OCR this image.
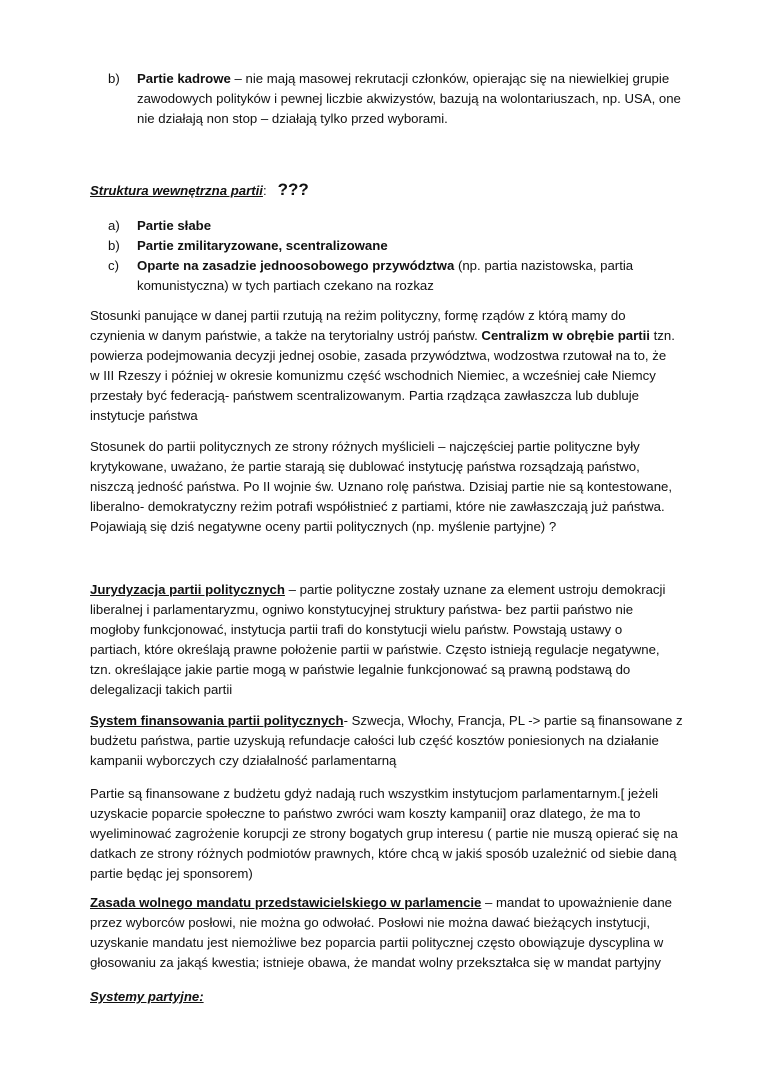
b) Partie kadrowe – nie mają masowej rekrutacji członków, opierając się na niewielkiej grupie
zawodowych polityków i pewnej liczbie akwizystów, bazują na wolontariuszach, np. USA, one
nie działają non stop – działają tylko przed wyborami.
Struktura wewnętrzna partii: ???
a) Partie słabe
b) Partie zmilitaryzowane, scentralizowane
c) Oparte na zasadzie jednoosobowego przywództwa (np. partia nazistowska, partia
komunistyczna) w tych partiach czekano na rozkaz
Stosunki panujące w danej partii rzutują na reżim polityczny, formę rządów z którą mamy do
czynienia w danym państwie, a także na terytorialny ustrój państw. Centralizm w obrębie partii tzn.
powierza podejmowania decyzji jednej osobie, zasada przywództwa, wodzostwa rzutował na to, że
w III Rzeszy i później w okresie komunizmu część wschodnich Niemiec, a wcześniej całe Niemcy
przestały być federacją- państwem scentralizowanym. Partia rządząca zawłaszcza lub dubluje
instytucje państwa
Stosunek do partii politycznych ze strony różnych myślicieli – najczęściej partie polityczne były
krytykowane, uważano, że partie starają się dublować instytucję państwa rozsądzają państwo,
niszczą jedność państwa. Po II wojnie św. Uznano rolę państwa. Dzisiaj partie nie są kontestowane,
liberalno- demokratyczny reżim potrafi współistnieć z partiami, które nie zawłaszczają już państwa.
Pojawiają się dziś negatywne oceny partii politycznych (np. myślenie partyjne) ?
Jurydyzacja partii politycznych – partie polityczne zostały uznane za element ustroju demokracji
liberalnej i parlamentaryzmu, ogniwo konstytucyjnej struktury państwa- bez partii państwo nie
mogłoby funkcjonować, instytucja partii trafi do konstytucji wielu państw. Powstają ustawy o
partiach, które określają prawne położenie partii w państwie. Często istnieją regulacje negatywne,
tzn. określające jakie partie mogą w państwie legalnie funkcjonować są prawną podstawą do
delegalizacji takich partii
System finansowania partii politycznych- Szwecja, Włochy, Francja, PL -> partie są finansowane z
budżetu państwa, partie uzyskują refundacje całości lub część kosztów poniesionych na działanie
kampanii wyborczych czy działalność parlamentarną
Partie są finansowane z budżetu gdyż nadają ruch wszystkim instytucjom parlamentarnym.[ jeżeli
uzyskacie poparcie społeczne to państwo zwróci wam koszty kampanii] oraz dlatego, że ma to
wyeliminować zagrożenie korupcji ze strony bogatych grup interesu ( partie nie muszą opierać się na
datkach ze strony różnych podmiotów prawnych, które chcą w jakiś sposób uzależnić od siebie daną
partie będąc jej sponsorem)
Zasada wolnego mandatu przedstawicielskiego w parlamencie – mandat to upoważnienie dane
przez wyborców posłowi, nie można go odwołać. Posłowi nie można dawać bieżących instytucji,
uzyskanie mandatu jest niemożliwe bez poparcia partii politycznej często obowiązuje dyscyplina w
głosowaniu za jakąś kwestia; istnieje obawa, że mandat wolny przekształca się w mandat partyjny
Systemy partyjne:
